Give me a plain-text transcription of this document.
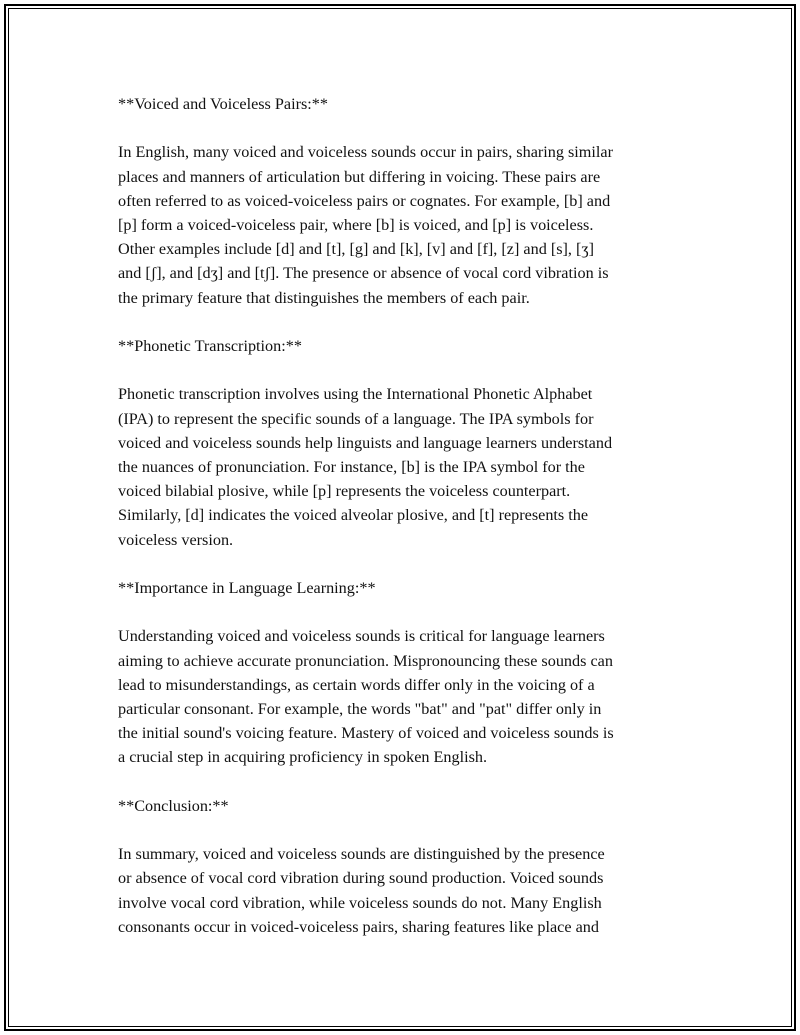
**Voiced and Voiceless Pairs:**

In English, many voiced and voiceless sounds occur in pairs, sharing similar
places and manners of articulation but differing in voicing. These pairs are
often referred to as voiced-voiceless pairs or cognates. For example, [b] and
[p] form a voiced-voiceless pair, where [b] is voiced, and [p] is voiceless.
Other examples include [d] and [t], [g] and [k], [v] and [f], [z] and [s], [ʒ]
and [ʃ], and [dʒ] and [tʃ]. The presence or absence of vocal cord vibration is
the primary feature that distinguishes the members of each pair.

**Phonetic Transcription:**

Phonetic transcription involves using the International Phonetic Alphabet
(IPA) to represent the specific sounds of a language. The IPA symbols for
voiced and voiceless sounds help linguists and language learners understand
the nuances of pronunciation. For instance, [b] is the IPA symbol for the
voiced bilabial plosive, while [p] represents the voiceless counterpart.
Similarly, [d] indicates the voiced alveolar plosive, and [t] represents the
voiceless version.

**Importance in Language Learning:**

Understanding voiced and voiceless sounds is critical for language learners
aiming to achieve accurate pronunciation. Mispronouncing these sounds can
lead to misunderstandings, as certain words differ only in the voicing of a
particular consonant. For example, the words "bat" and "pat" differ only in
the initial sound's voicing feature. Mastery of voiced and voiceless sounds is
a crucial step in acquiring proficiency in spoken English.

**Conclusion:**

In summary, voiced and voiceless sounds are distinguished by the presence
or absence of vocal cord vibration during sound production. Voiced sounds
involve vocal cord vibration, while voiceless sounds do not. Many English
consonants occur in voiced-voiceless pairs, sharing features like place and
